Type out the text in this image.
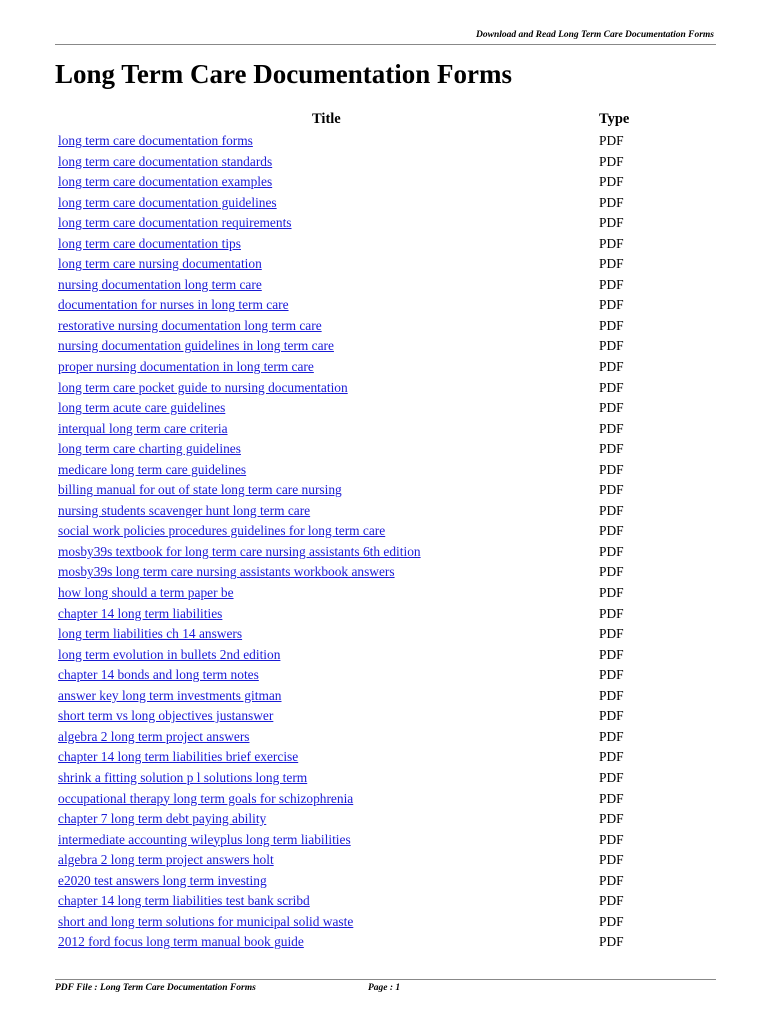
Download and Read Long Term Care Documentation Forms
Long Term Care Documentation Forms
Title	Type
long term care documentation forms	PDF
long term care documentation standards	PDF
long term care documentation examples	PDF
long term care documentation guidelines	PDF
long term care documentation requirements	PDF
long term care documentation tips	PDF
long term care nursing documentation	PDF
nursing documentation long term care	PDF
documentation for nurses in long term care	PDF
restorative nursing documentation long term care	PDF
nursing documentation guidelines in long term care	PDF
proper nursing documentation in long term care	PDF
long term care pocket guide to nursing documentation	PDF
long term acute care guidelines	PDF
interqual long term care criteria	PDF
long term care charting guidelines	PDF
medicare long term care guidelines	PDF
billing manual for out of state long term care nursing	PDF
nursing students scavenger hunt long term care	PDF
social work policies procedures guidelines for long term care	PDF
mosby39s textbook for long term care nursing assistants 6th edition	PDF
mosby39s long term care nursing assistants workbook answers	PDF
how long should a term paper be	PDF
chapter 14 long term liabilities	PDF
long term liabilities ch 14 answers	PDF
long term evolution in bullets 2nd edition	PDF
chapter 14 bonds and long term notes	PDF
answer key long term investments gitman	PDF
short term vs long objectives justanswer	PDF
algebra 2 long term project answers	PDF
chapter 14 long term liabilities brief exercise	PDF
shrink a fitting solution p l solutions long term	PDF
occupational therapy long term goals for schizophrenia	PDF
chapter 7 long term debt paying ability	PDF
intermediate accounting wileyplus long term liabilities	PDF
algebra 2 long term project answers holt	PDF
e2020 test answers long term investing	PDF
chapter 14 long term liabilities test bank scribd	PDF
short and long term solutions for municipal solid waste	PDF
2012 ford focus long term manual book guide	PDF
PDF File : Long Term Care Documentation Forms	Page : 1
